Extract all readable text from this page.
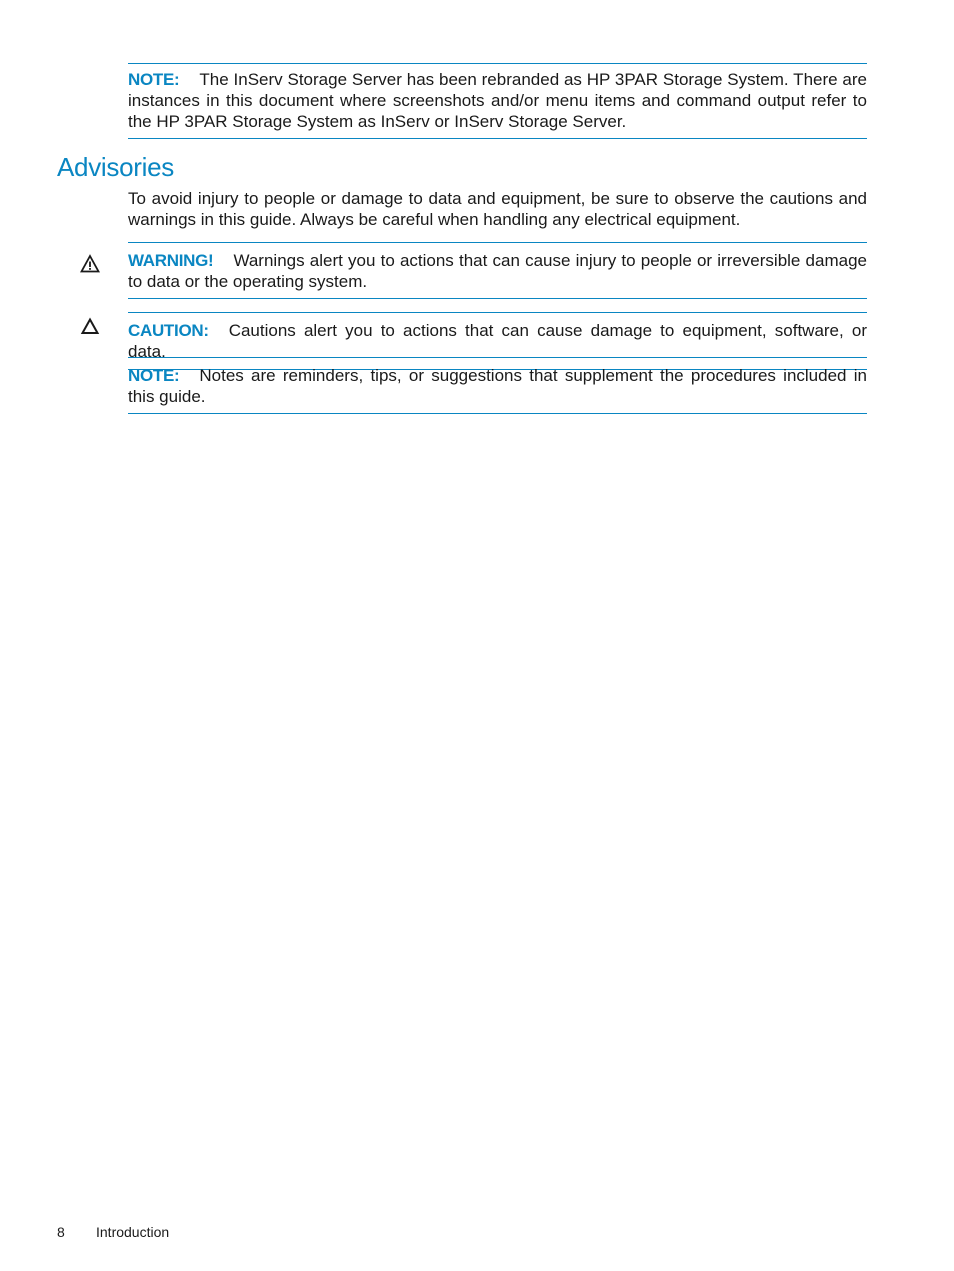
NOTE: The InServ Storage Server has been rebranded as HP 3PAR Storage System. There are instances in this document where screenshots and/or menu items and command output refer to the HP 3PAR Storage System as InServ or InServ Storage Server.

Advisories

To avoid injury to people or damage to data and equipment, be sure to observe the cautions and warnings in this guide. Always be careful when handling any electrical equipment.

WARNING! Warnings alert you to actions that can cause injury to people or irreversible damage to data or the operating system.

CAUTION: Cautions alert you to actions that can cause damage to equipment, software, or data.

NOTE: Notes are reminders, tips, or suggestions that supplement the procedures included in this guide.

8 Introduction
